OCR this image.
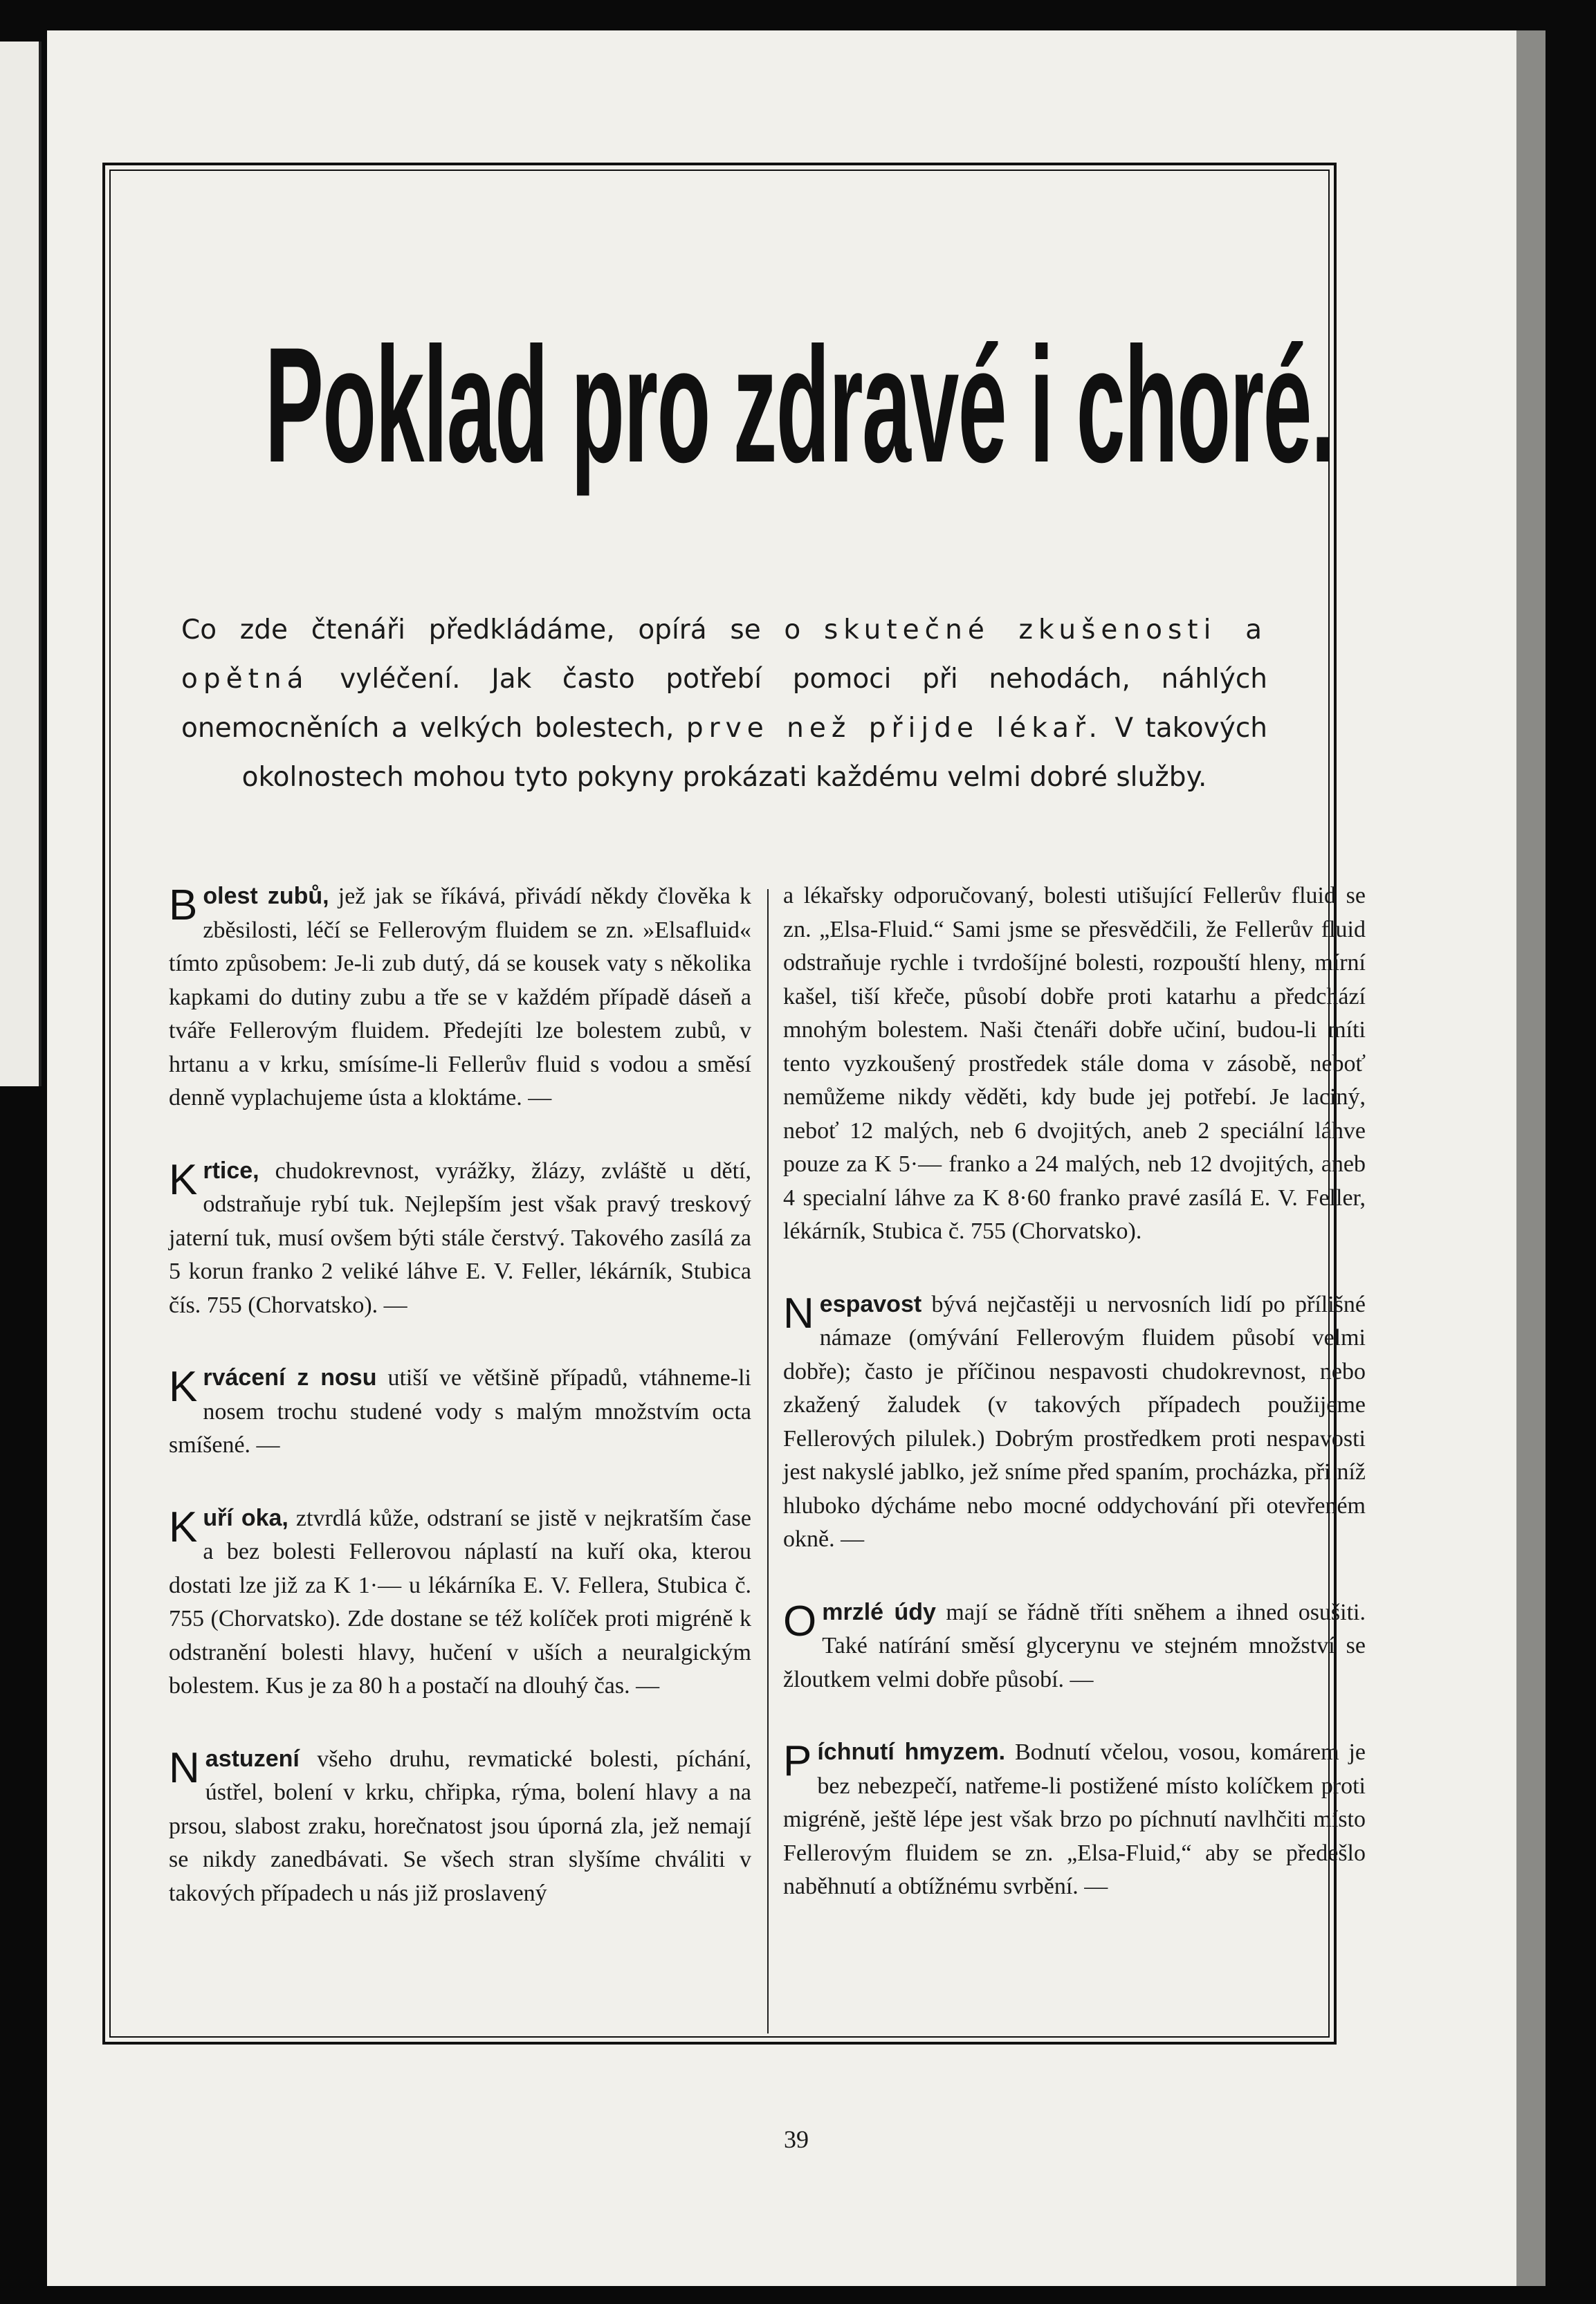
Poklad pro zdravé i choré.
Co zde čtenáři předkládáme, opírá se o skutečné zkušenosti a opětná vyléčení. Jak často potřebí pomoci při nehodách, náhlých onemocněních a velkých bolestech, prve než přijde lékař. V takových okolnostech mohou tyto pokyny prokázati každému velmi dobré služby.

Bolest zubů, jež jak se říkává, přivádí někdy člověka k zběsilosti, léčí se Fellerovým fluidem se zn. »Elsafluid« tímto způsobem: Je-li zub dutý, dá se kousek vaty s několika kapkami do dutiny zubu a tře se v každém případě dáseň a tváře Fellerovým fluidem. Předejíti lze bolestem zubů, v hrtanu a v krku, smísíme-li Fellerův fluid s vodou a směsí denně vyplachujeme ústa a kloktáme. —

Krtice, chudokrevnost, vyrážky, žlázy, zvláště u dětí, odstraňuje rybí tuk. Nejlepším jest však pravý treskový jaterní tuk, musí ovšem býti stále čerstvý. Takového zasílá za 5 korun franko 2 veliké láhve E. V. Feller, lékárník, Stubica čís. 755 (Chorvatsko). —

Krvácení z nosu utiší ve většině případů, vtáhneme-li nosem trochu studené vody s malým množstvím octa smíšené. —

Kuří oka, ztvrdlá kůže, odstraní se jistě v nejkratším čase a bez bolesti Fellerovou náplastí na kuří oka, kterou dostati lze již za K 1·— u lékárníka E. V. Fellera, Stubica č. 755 (Chorvatsko). Zde dostane se též kolíček proti migréně k odstranění bolesti hlavy, hučení v uších a neuralgickým bolestem. Kus je za 80 h a postačí na dlouhý čas. —

Nastuzení všeho druhu, revmatické bolesti, píchání, ústřel, bolení v krku, chřipka, rýma, bolení hlavy a na prsou, slabost zraku, horečnatost jsou úporná zla, jež nemají se nikdy zanedbávati. Se všech stran slyšíme chváliti v takových případech u nás již proslavený

a lékařsky odporučovaný, bolesti utišující Fellerův fluid se zn. „Elsa-Fluid.“ Sami jsme se přesvědčili, že Fellerův fluid odstraňuje rychle i tvrdošíjné bolesti, rozpouští hleny, mírní kašel, tiší křeče, působí dobře proti katarhu a předchází mnohým bolestem. Naši čtenáři dobře učiní, budou-li míti tento vyzkoušený prostředek stále doma v zásobě, neboť nemůžeme nikdy věděti, kdy bude jej potřebí. Je laciný, neboť 12 malých, neb 6 dvojitých, aneb 2 speciální láhve pouze za K 5·— franko a 24 malých, neb 12 dvojitých, aneb 4 specialní láhve za K 8·60 franko pravé zasílá E. V. Feller, lékárník, Stubica č. 755 (Chorvatsko).

Nespavost bývá nejčastěji u nervosních lidí po přílišné námaze (omývání Fellerovým fluidem působí velmi dobře); často je příčinou nespavosti chudokrevnost, nebo zkažený žaludek (v takových případech použijeme Fellerových pilulek.) Dobrým prostředkem proti nespavosti jest nakyslé jablko, jež sníme před spaním, procházka, při níž hluboko dýcháme nebo mocné oddychování při otevřeném okně. —

Omrzlé údy mají se řádně tříti sněhem a ihned osušiti. Také natírání směsí glycerynu ve stejném množství se žloutkem velmi dobře působí. —

Píchnutí hmyzem. Bodnutí včelou, vosou, komárem je bez nebezpečí, natřeme-li postižené místo kolíčkem proti migréně, ještě lépe jest však brzo po píchnutí navlhčiti místo Fellerovým fluidem se zn. „Elsa-Fluid,“ aby se předešlo naběhnutí a obtížnému svrbění. —

39
